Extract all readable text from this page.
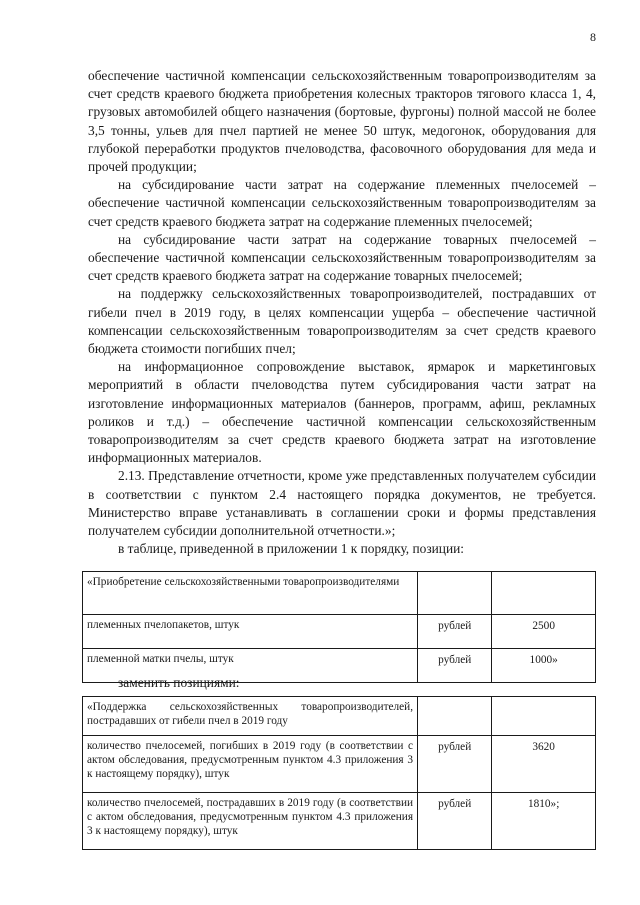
8

обеспечение частичной компенсации сельскохозяйственным товаропроизводителям за счет средств краевого бюджета приобретения колесных тракторов тягового класса 1, 4, грузовых автомобилей общего назначения (бортовые, фургоны) полной массой не более 3,5 тонны, ульев для пчел партией не менее 50 штук, медогонок, оборудования для глубокой переработки продуктов пчеловодства, фасовочного оборудования для меда и прочей продукции;

на субсидирование части затрат на содержание племенных пчелосемей – обеспечение частичной компенсации сельскохозяйственным товаропроизводителям за счет средств краевого бюджета затрат на содержание племенных пчелосемей;

на субсидирование части затрат на содержание товарных пчелосемей – обеспечение частичной компенсации сельскохозяйственным товаропроизводителям за счет средств краевого бюджета затрат на содержание товарных пчелосемей;

на поддержку сельскохозяйственных товаропроизводителей, пострадавших от гибели пчел в 2019 году, в целях компенсации ущерба – обеспечение частичной компенсации сельскохозяйственным товаропроизводителям за счет средств краевого бюджета стоимости погибших пчел;

на информационное сопровождение выставок, ярмарок и маркетинговых мероприятий в области пчеловодства путем субсидирования части затрат на изготовление информационных материалов (баннеров, программ, афиш, рекламных роликов и т.д.) – обеспечение частичной компенсации сельскохозяйственным товаропроизводителям за счет средств краевого бюджета затрат на изготовление информационных материалов.

2.13. Представление отчетности, кроме уже представленных получателем субсидии в соответствии с пунктом 2.4 настоящего порядка документов, не требуется. Министерство вправе устанавливать в соглашении сроки и формы представления получателем субсидии дополнительной отчетности.»;

в таблице, приведенной в приложении 1 к порядку, позиции:

«Приобретение сельскохозяйственными товаропроизводителями		
племенных пчелопакетов, штук	рублей	2500
племенной матки пчелы, штук	рублей	1000»
заменить позициями:
«Поддержка сельскохозяйственных товаропроизводителей, пострадавших от гибели пчел в 2019 году		
количество пчелосемей, погибших в 2019 году (в соответствии с актом обследования, предусмотренным пунктом 4.3 приложения 3 к настоящему порядку), штук	рублей	3620
количество пчелосемей, пострадавших в 2019 году (в соответствии с актом обследования, предусмотренным пунктом 4.3 приложения 3 к настоящему порядку), штук	рублей	1810»;
